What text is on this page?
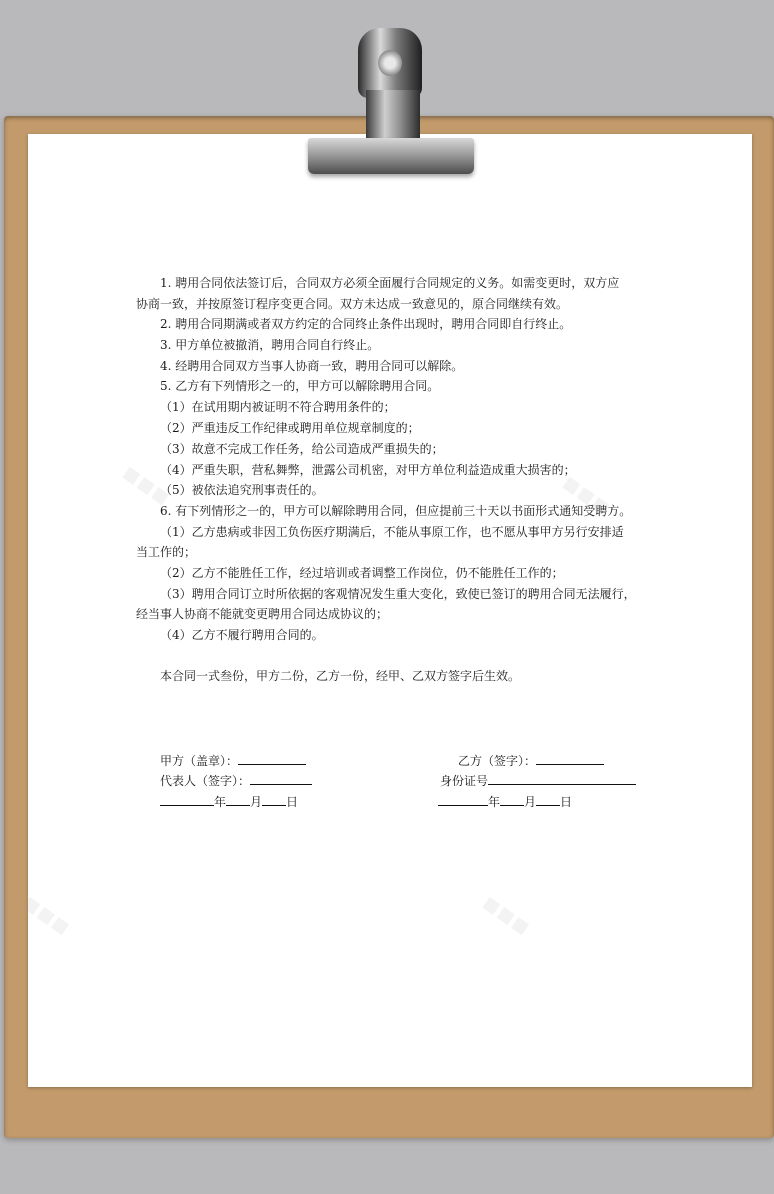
▪▪▪	▪▪▪
▪▪▪	▪▪▪
1. 聘用合同依法签订后，合同双方必须全面履行合同规定的义务。如需变更时，双方应
协商一致，并按原签订程序变更合同。双方未达成一致意见的，原合同继续有效。
2. 聘用合同期满或者双方约定的合同终止条件出现时，聘用合同即自行终止。
3. 甲方单位被撤消，聘用合同自行终止。
4. 经聘用合同双方当事人协商一致，聘用合同可以解除。
5. 乙方有下列情形之一的，甲方可以解除聘用合同。
（1）在试用期内被证明不符合聘用条件的；
（2）严重违反工作纪律或聘用单位规章制度的；
（3）故意不完成工作任务，给公司造成严重损失的；
（4）严重失职，营私舞弊，泄露公司机密，对甲方单位利益造成重大损害的；
（5）被依法追究刑事责任的。
6. 有下列情形之一的，甲方可以解除聘用合同，但应提前三十天以书面形式通知受聘方。
（1）乙方患病或非因工负伤医疗期满后，不能从事原工作，也不愿从事甲方另行安排适
当工作的；
（2）乙方不能胜任工作，经过培训或者调整工作岗位，仍不能胜任工作的；
（3）聘用合同订立时所依据的客观情况发生重大变化，致使已签订的聘用合同无法履行，
经当事人协商不能就变更聘用合同达成协议的；
（4）乙方不履行聘用合同的。
本合同一式叁份，甲方二份，乙方一份，经甲、乙双方签字后生效。
甲方（盖章）：
代表人（签字）：
年 月 日
乙方（签字）：
身份证号
年 月 日
